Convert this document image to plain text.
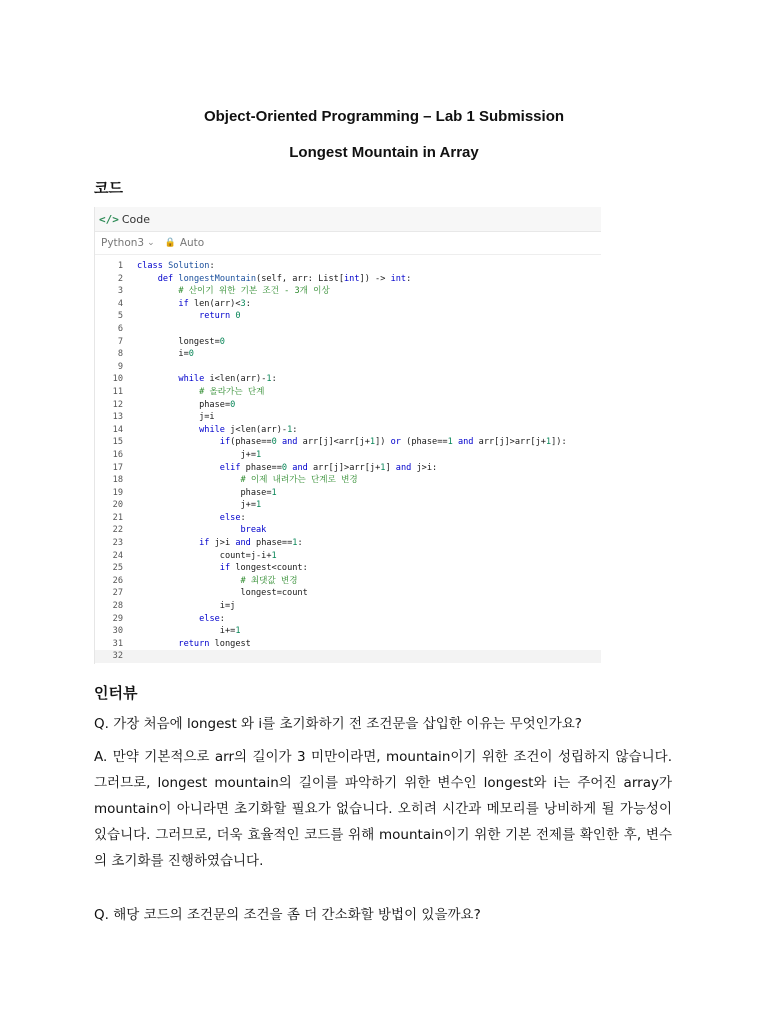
Object-Oriented Programming – Lab 1 Submission
Longest Mountain in Array
코드
</> Code
Python3 ⌄ 🔒 Auto
1 class Solution:
2	def longestMountain(self, arr: List[int]) -> int:
3	# 산이기 위한 기본 조건 - 3개 이상
4	if len(arr)<3:
5	return 0
6
7 longest=0
8 i=0
9
10	while i<len(arr)-1:
11	# 올라가는 단계
12 phase=0
13 j=i
14	while j<len(arr)-1:
15	if(phase==0 and arr[j]<arr[j+1]) or (phase==1 and arr[j]>arr[j+1]):
16 j+=1
17	elif phase==0 and arr[j]>arr[j+1] and j>i:
18	# 이제 내려가는 단계로 변경
19 phase=1
20 j+=1
21	else:
22	break
23	if j>i and phase==1:
24 count=j-i+1
25	if longest<count:
26	# 최댓값 변경
27 longest=count
28 i=j
29	else:
30 i+=1
31	return longest
32
인터뷰
Q. 가장 처음에 longest 와 i를 초기화하기 전 조건문을 삽입한 이유는 무엇인가요?
A. 만약 기본적으로 arr의 길이가 3 미만이라면, mountain이기 위한 조건이 성립하지 않습니다. 그러므로, longest mountain의 길이를 파악하기 위한 변수인 longest와 i는 주어진 array가 mountain이 아니라면 초기화할 필요가 없습니다. 오히려 시간과 메모리를 낭비하게 될 가능성이 있습니다. 그러므로, 더욱 효율적인 코드를 위해 mountain이기 위한 기본 전제를 확인한 후, 변수의 초기화를 진행하였습니다.
Q. 해당 코드의 조건문의 조건을 좀 더 간소화할 방법이 있을까요?
